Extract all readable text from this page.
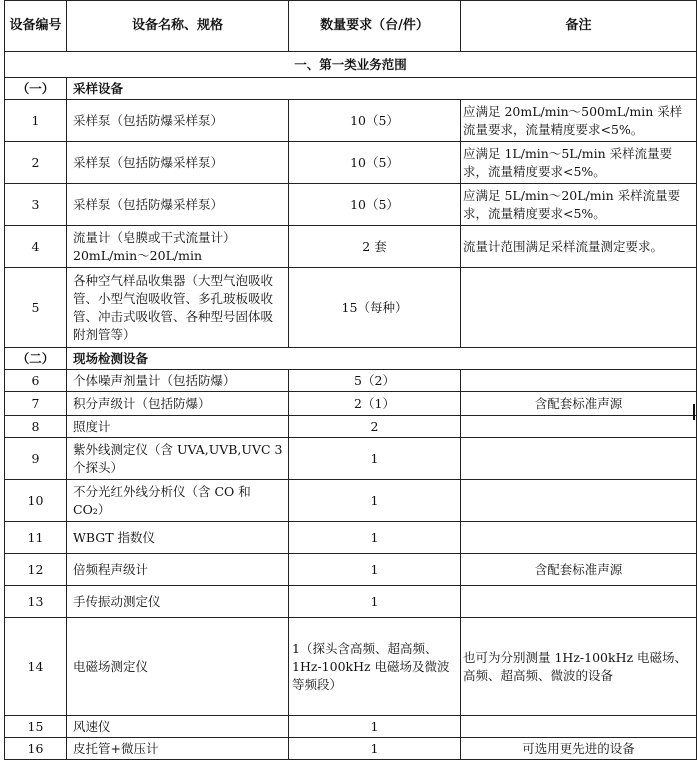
设备编号	设备名称、规格	数量要求（台/件）	备注
一、第一类业务范围			
（一）	采样设备		
1	采样泵（包括防爆采样泵）	10（5）	应满足 20mL/min～500mL/min 采样流量要求，流量精度要求<5%。
2	采样泵（包括防爆采样泵）	10（5）	应满足 1L/min～5L/min 采样流量要求，流量精度要求<5%。
3	采样泵（包括防爆采样泵）	10（5）	应满足 5L/min～20L/min 采样流量要求，流量精度要求<5%。
4	流量计（皂膜或干式流量计）20mL/min～20L/min	2 套	流量计范围满足采样流量测定要求。
5	各种空气样品收集器（大型气泡吸收管、小型气泡吸收管、多孔玻板吸收管、冲击式吸收管、各种型号固体吸附剂管等）	15（每种）	
（二）	现场检测设备		
6	个体噪声剂量计（包括防爆）	5（2）	
7	积分声级计（包括防爆）	2（1）	含配套标准声源
8	照度计	2	
9	紫外线测定仪（含 UVA,UVB,UVC 3 个探头）	1	
10	不分光红外线分析仪（含 CO 和 CO₂）	1	
11	WBGT 指数仪	1	
12	倍频程声级计	1	含配套标准声源
13	手传振动测定仪	1	
14	电磁场测定仪	1（探头含高频、超高频、1Hz-100kHz 电磁场及微波等频段）	也可为分别测量 1Hz-100kHz 电磁场、高频、超高频、微波的设备
15	风速仪	1	
16	皮托管+微压计	1	可选用更先进的设备
